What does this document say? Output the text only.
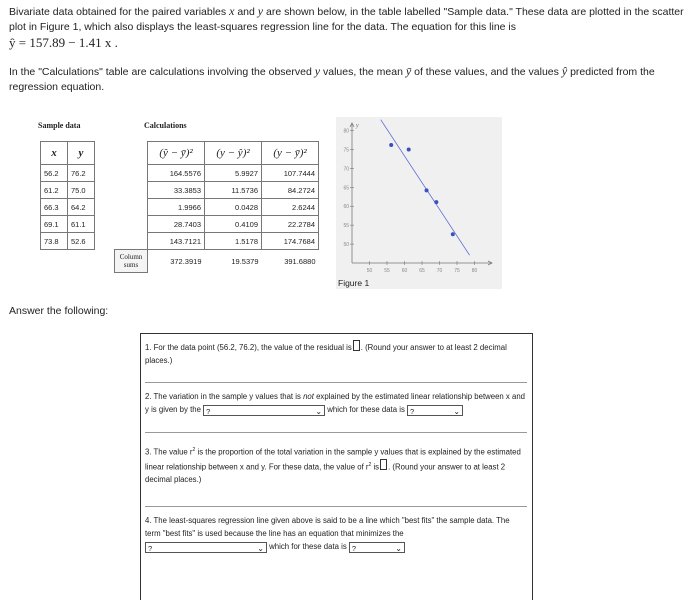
Bivariate data obtained for the paired variables x and y are shown below, in the table labelled "Sample data." These data are plotted in the scatter plot in Figure 1, which also displays the least-squares regression line for the data. The equation for this line is

ŷ = 157.89 − 1.41 x .

In the "Calculations" table are calculations involving the observed y values, the mean ȳ of these values, and the values ŷ predicted from the regression equation.
Sample data
x	y
56.2	76.2
61.2	75.0
66.3	64.2
69.1	61.1
73.8	52.6
Calculations
	(ŷ − ȳ)²	(y − ŷ)²	(y − ȳ)²
	164.5576	5.9927	107.7444
	33.3853	11.5736	84.2724
	1.9966	0.0428	2.6244
	28.7403	0.4109	22.2784
	143.7121	1.5178	174.7684
Column
sums	372.3919	19.5379	391.6880
y
80
75
70
65
60
55
50
50 55 60 65 70 75 80
Figure 1
Answer the following:
1. For the data point (56.2, 76.2), the value of the residual is . (Round your answer to at least 2 decimal places.)
2. The variation in the sample y values that is not explained by the estimated linear relationship between x and y is given by the ?	⌄ which for these data is ?	⌄
3. The value $r^2$ is the proportion of the total variation in the sample y values that is explained by the estimated linear relationship between x and y. For these data, the value of $r^2$ is . (Round your answer to at least 2 decimal places.)
4. The least-squares regression line given above is said to be a line which "best fits" the sample data. The term "best fits" is used because the line has an equation that minimizes the
?	⌄ which for these data is ?	⌄
